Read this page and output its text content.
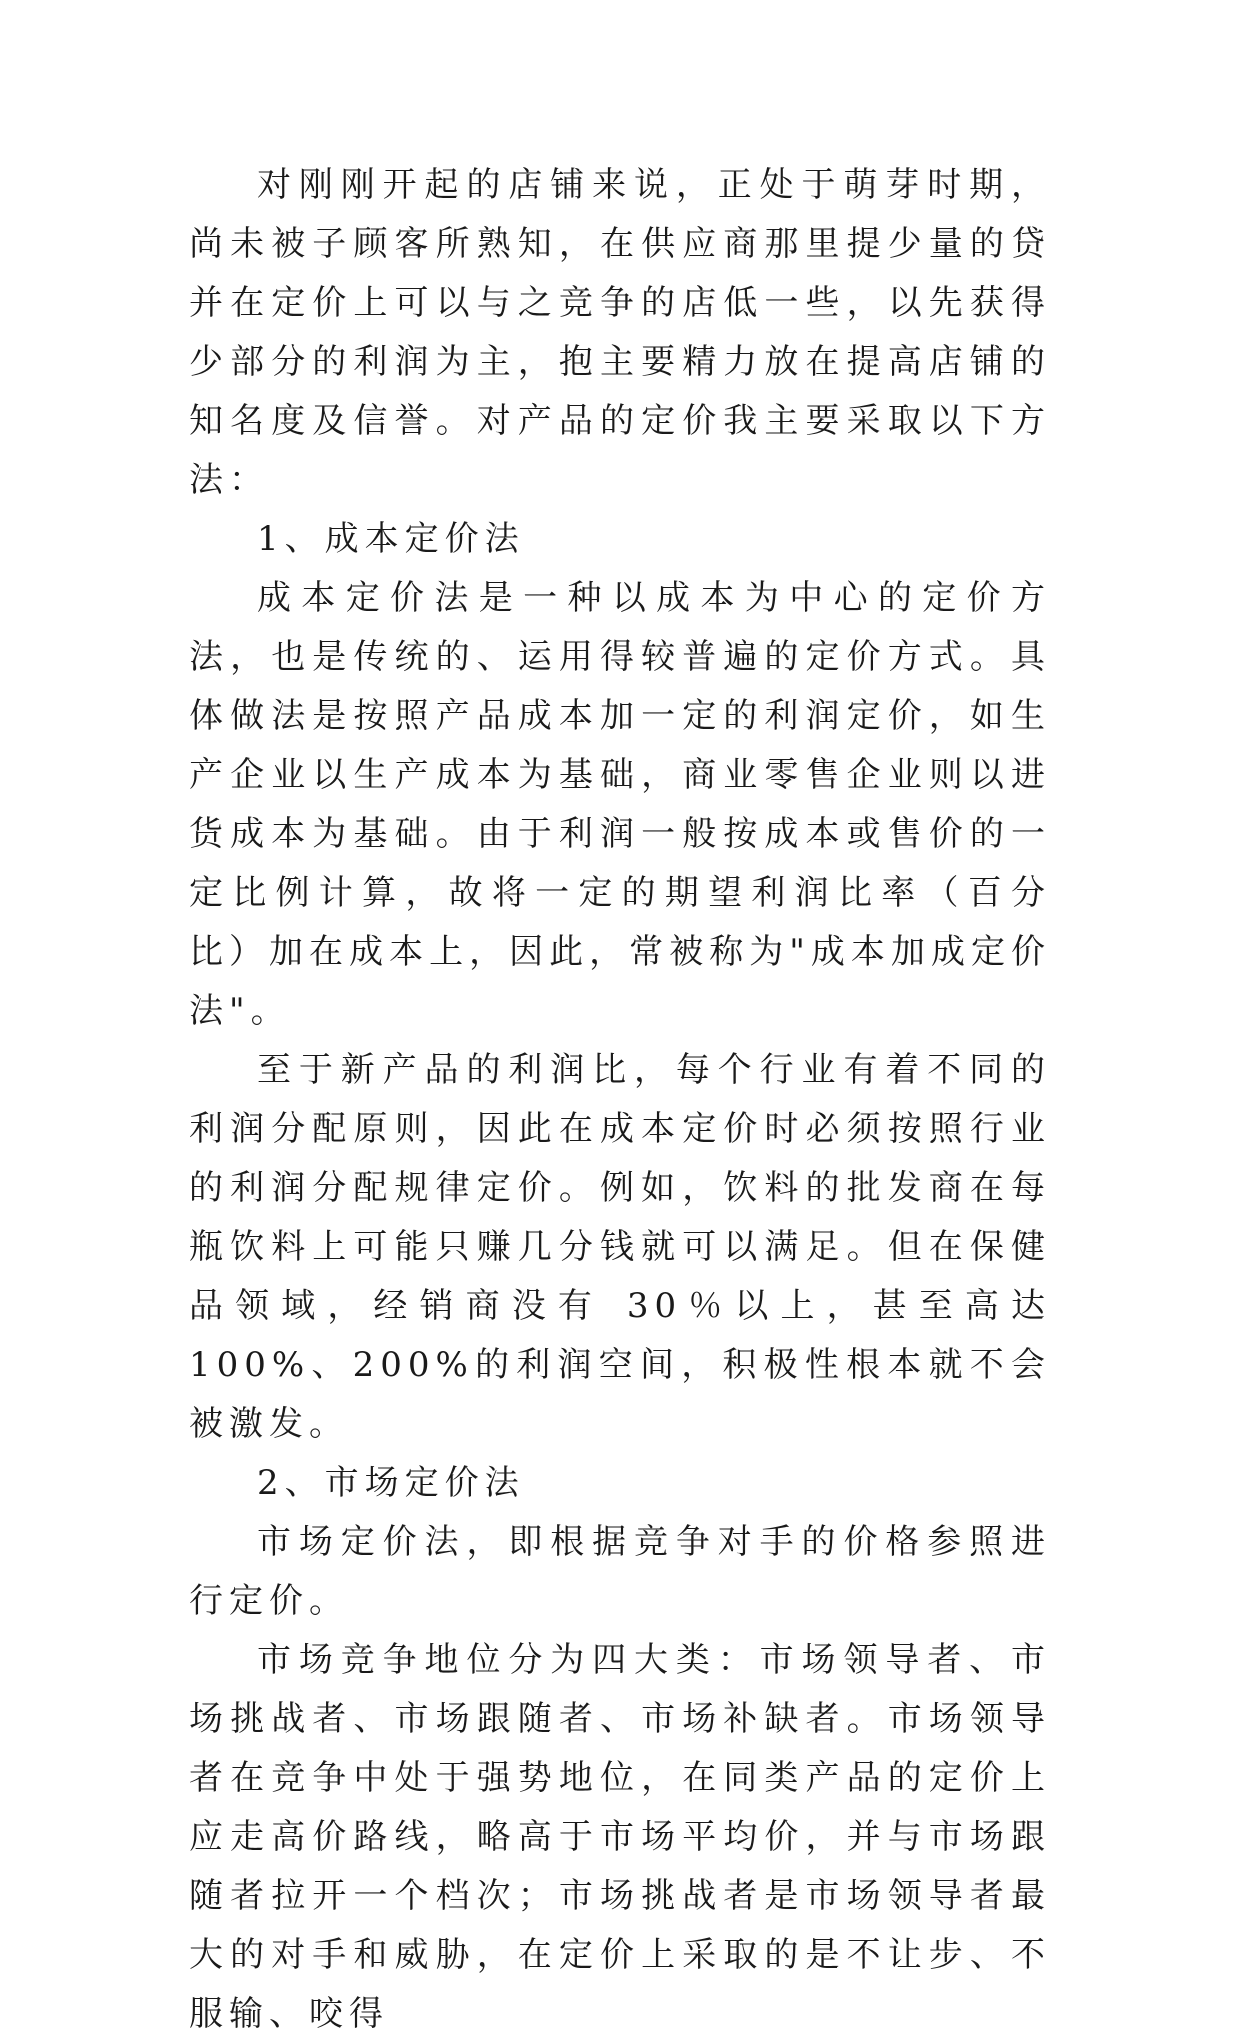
对刚刚开起的店铺来说，正处于萌芽时期，尚未被子顾客所熟知，在供应商那里提少量的贷并在定价上可以与之竞争的店低一些，以先获得少部分的利润为主，抱主要精力放在提高店铺的知名度及信誉。对产品的定价我主要采取以下方法：

1、成本定价法

成本定价法是一种以成本为中心的定价方法，也是传统的、运用得较普遍的定价方式。具体做法是按照产品成本加一定的利润定价，如生产企业以生产成本为基础，商业零售企业则以进货成本为基础。由于利润一般按成本或售价的一定比例计算，故将一定的期望利润比率（百分比）加在成本上，因此，常被称为"成本加成定价法"。

至于新产品的利润比，每个行业有着不同的利润分配原则，因此在成本定价时必须按照行业的利润分配规律定价。例如，饮料的批发商在每瓶饮料上可能只赚几分钱就可以满足。但在保健品领域，经销商没有 30％以上，甚至高达100%、200%的利润空间，积极性根本就不会被激发。

2、市场定价法

市场定价法，即根据竞争对手的价格参照进行定价。

市场竞争地位分为四大类：市场领导者、市场挑战者、市场跟随者、市场补缺者。市场领导者在竞争中处于强势地位，在同类产品的定价上应走高价路线，略高于市场平均价，并与市场跟随者拉开一个档次；市场挑战者是市场领导者最大的对手和威胁，在定价上采取的是不让步、不服输、咬得
